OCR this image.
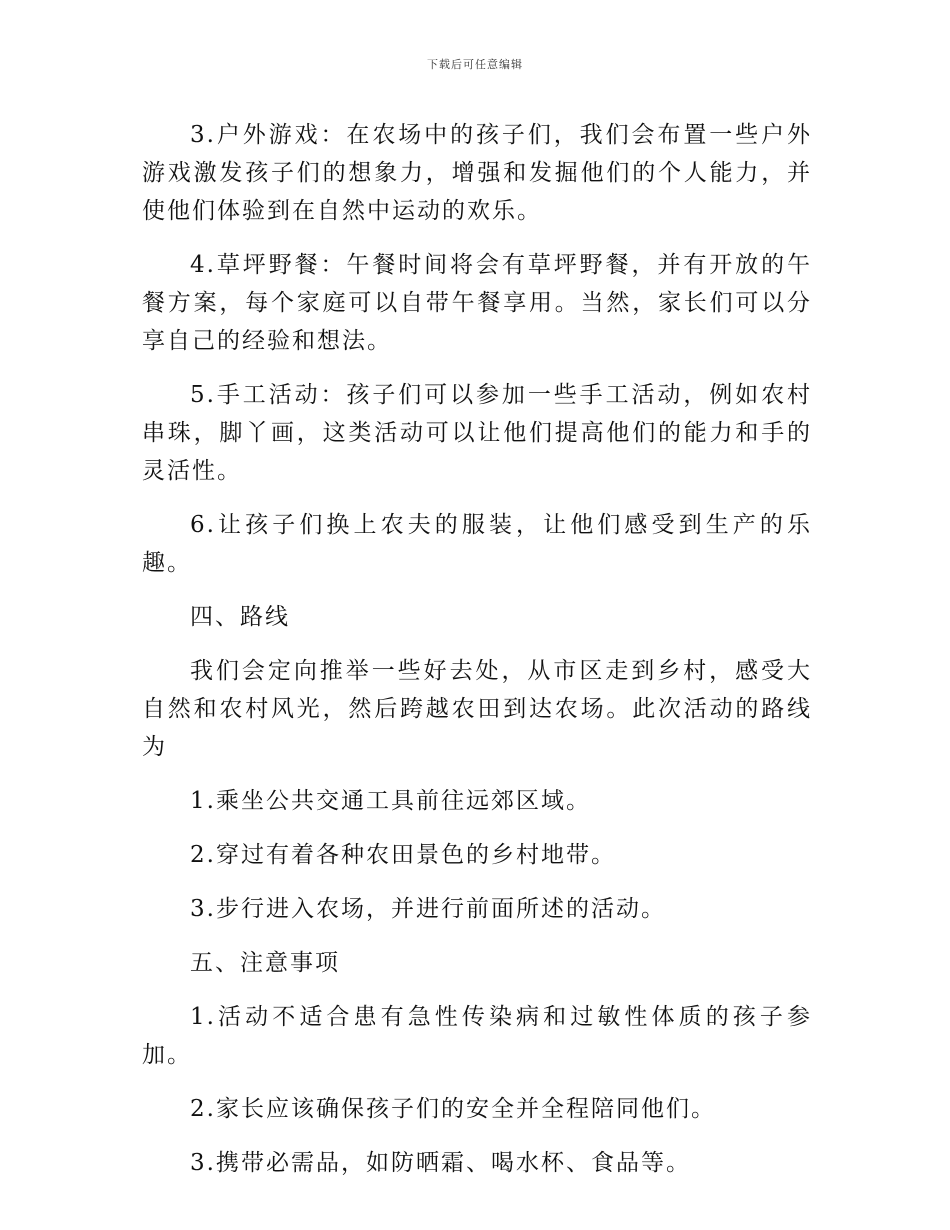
下载后可任意编辑

3.户外游戏：在农场中的孩子们，我们会布置一些户外游戏激发孩子们的想象力，增强和发掘他们的个人能力，并使他们体验到在自然中运动的欢乐。

4.草坪野餐：午餐时间将会有草坪野餐，并有开放的午餐方案，每个家庭可以自带午餐享用。当然，家长们可以分享自己的经验和想法。

5.手工活动：孩子们可以参加一些手工活动，例如农村串珠，脚丫画，这类活动可以让他们提高他们的能力和手的灵活性。

6.让孩子们换上农夫的服装，让他们感受到生产的乐趣。

四、路线

我们会定向推举一些好去处，从市区走到乡村，感受大自然和农村风光，然后跨越农田到达农场。此次活动的路线为

1.乘坐公共交通工具前往远郊区域。

2.穿过有着各种农田景色的乡村地带。

3.步行进入农场，并进行前面所述的活动。

五、注意事项

1.活动不适合患有急性传染病和过敏性体质的孩子参加。

2.家长应该确保孩子们的安全并全程陪同他们。

3.携带必需品，如防晒霜、喝水杯、食品等。
